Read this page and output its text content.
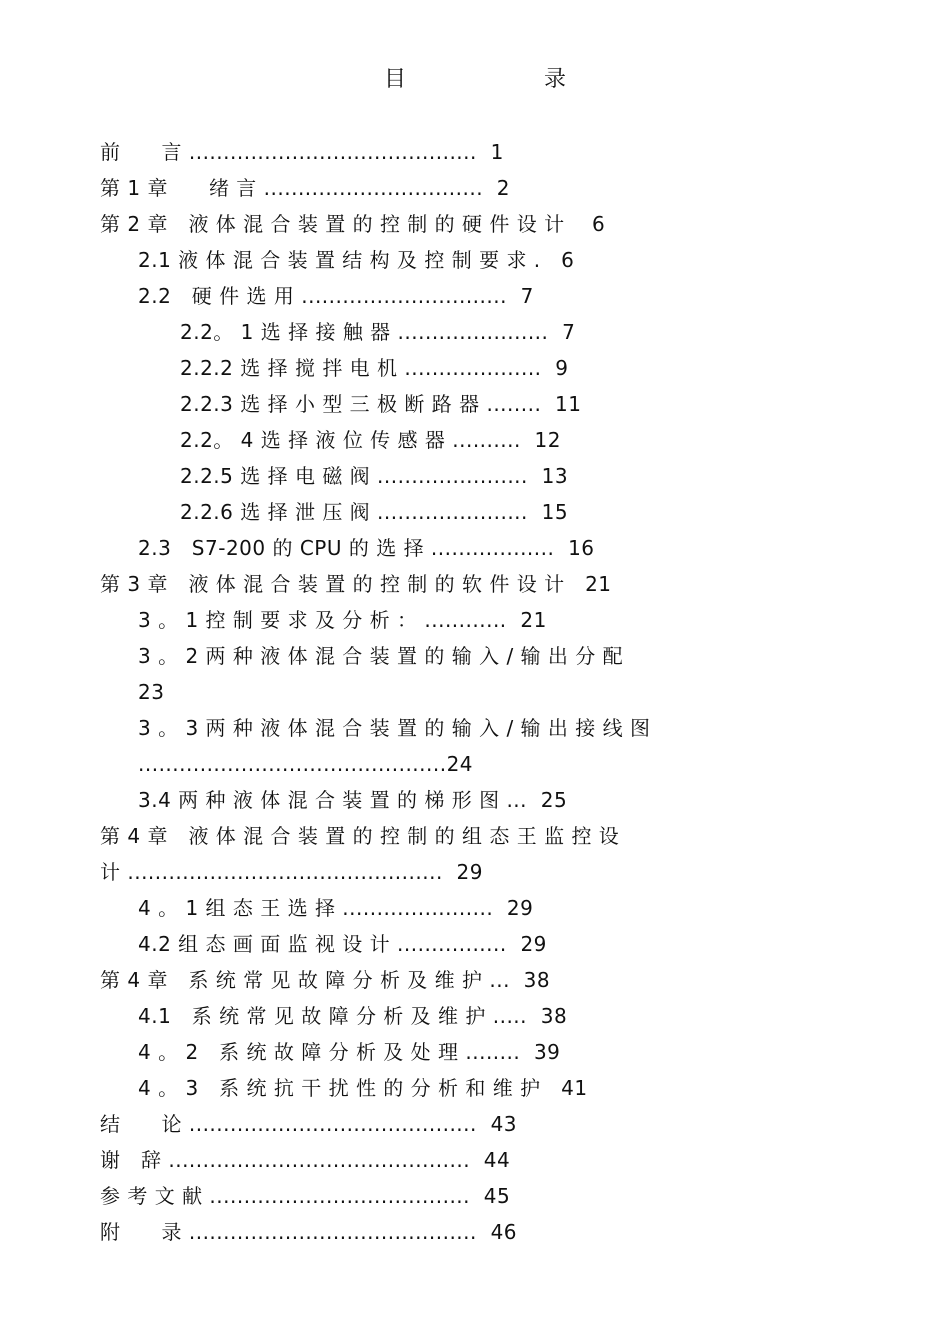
目　录
前　　言 ..........................................  1
第 1 章　　绪 言 ................................  2
第 2 章　液 体 混 合 装 置 的 控 制 的 硬 件 设 计　 6
2.1 液 体 混 合 装 置 结 构 及 控 制 要 求 .　6
2.2　硬 件 选 用 ..............................  7
2.2。 1 选 择 接 触 器 ......................  7
2.2.2 选 择 搅 拌 电 机 ....................  9
2.2.3 选 择 小 型 三 极 断 路 器 ........  11
2.2。 4 选 择 液 位 传 感 器 ..........  12
2.2.5 选 择 电 磁 阀 ......................  13
2.2.6 选 择 泄 压 阀 ......................  15
2.3　S7-200 的 CPU 的 选 择 ..................  16
第 3 章　液 体 混 合 装 置 的 控 制 的 软 件 设 计　21
3 。 1 控 制 要 求 及 分 析 ： ............  21
3 。 2 两 种 液 体 混 合 装 置 的 输 入 / 输 出 分 配
23
3 。 3 两 种 液 体 混 合 装 置 的 输 入 / 输 出 接 线 图
.............................................24
3.4 两 种 液 体 混 合 装 置 的 梯 形 图 ...  25
第 4 章　液 体 混 合 装 置 的 控 制 的 组 态 王 监 控 设
计 ..............................................  29
4 。 1 组 态 王 选 择 ......................  29
4.2 组 态 画 面 监 视 设 计 ................  29
第 4 章　系 统 常 见 故 障 分 析 及 维 护 ...  38
4.1　系 统 常 见 故 障 分 析 及 维 护 .....  38
4 。 2　系 统 故 障 分 析 及 处 理 ........  39
4 。 3　系 统 抗 干 扰 性 的 分 析 和 维 护　41
结　　论 ..........................................  43
谢　辞 ............................................  44
参 考 文 献 ......................................  45
附　　录 ..........................................  46
